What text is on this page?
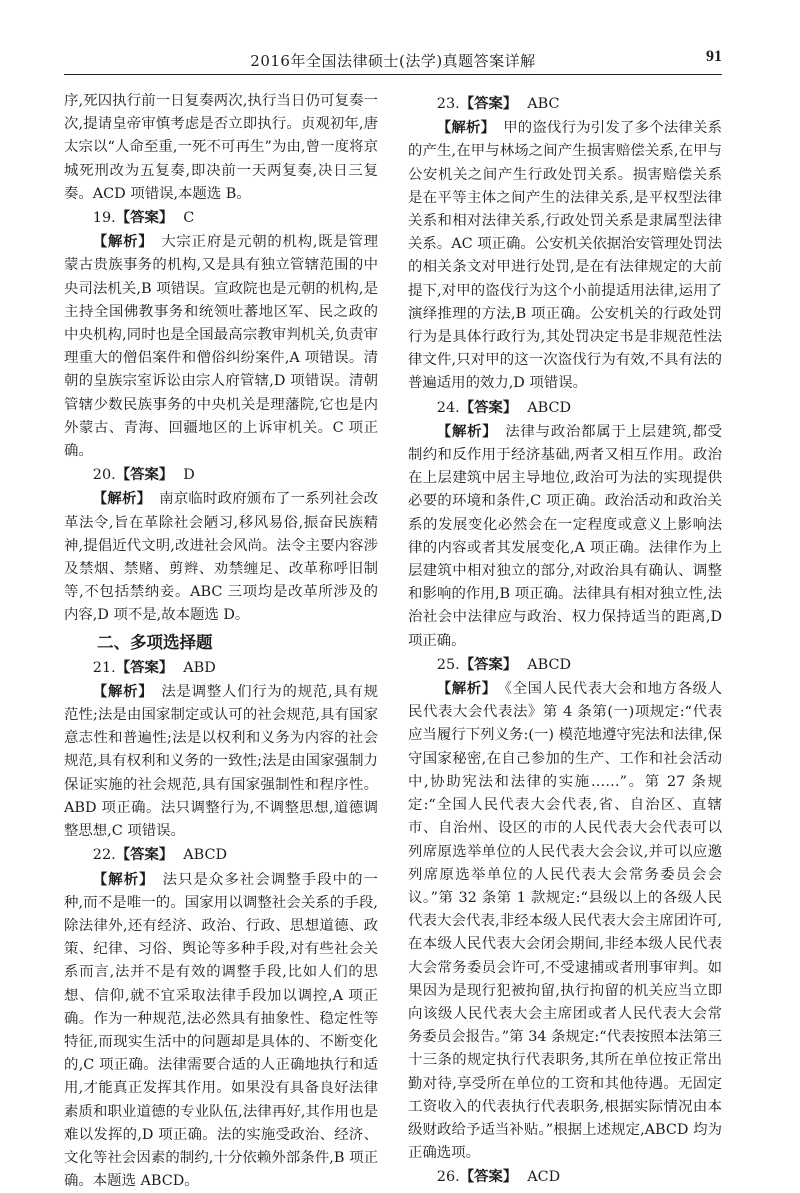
2016年全国法律硕士(法学)真题答案详解	91

序,死囚执行前一日复奏两次,执行当日仍可复奏一次,提请皇帝审慎考虑是否立即执行。贞观初年,唐太宗以“人命至重,一死不可再生”为由,曾一度将京城死刑改为五复奏,即决前一天两复奏,决日三复奏。ACD 项错误,本题选 B。

19.【答案】 C

【解析】 大宗正府是元朝的机构,既是管理蒙古贵族事务的机构,又是具有独立管辖范围的中央司法机关,B 项错误。宣政院也是元朝的机构,是主持全国佛教事务和统领吐蕃地区军、民之政的中央机构,同时也是全国最高宗教审判机关,负责审理重大的僧侣案件和僧俗纠纷案件,A 项错误。清朝的皇族宗室诉讼由宗人府管辖,D 项错误。清朝管辖少数民族事务的中央机关是理藩院,它也是内外蒙古、青海、回疆地区的上诉审机关。C 项正确。

20.【答案】 D

【解析】 南京临时政府颁布了一系列社会改革法令,旨在革除社会陋习,移风易俗,振奋民族精神,提倡近代文明,改进社会风尚。法令主要内容涉及禁烟、禁赌、剪辫、劝禁缠足、改革称呼旧制等,不包括禁纳妾。ABC 三项均是改革所涉及的内容,D 项不是,故本题选 D。

二、多项选择题

21.【答案】 ABD

【解析】 法是调整人们行为的规范,具有规范性;法是由国家制定或认可的社会规范,具有国家意志性和普遍性;法是以权利和义务为内容的社会规范,具有权利和义务的一致性;法是由国家强制力保证实施的社会规范,具有国家强制性和程序性。ABD 项正确。法只调整行为,不调整思想,道德调整思想,C 项错误。

22.【答案】 ABCD

【解析】 法只是众多社会调整手段中的一种,而不是唯一的。国家用以调整社会关系的手段,除法律外,还有经济、政治、行政、思想道德、政策、纪律、习俗、舆论等多种手段,对有些社会关系而言,法并不是有效的调整手段,比如人们的思想、信仰,就不宜采取法律手段加以调控,A 项正确。作为一种规范,法必然具有抽象性、稳定性等特征,而现实生活中的问题却是具体的、不断变化的,C 项正确。法律需要合适的人正确地执行和适用,才能真正发挥其作用。如果没有具备良好法律素质和职业道德的专业队伍,法律再好,其作用也是难以发挥的,D 项正确。法的实施受政治、经济、文化等社会因素的制约,十分依赖外部条件,B 项正确。本题选 ABCD。

23.【答案】 ABC

【解析】 甲的盗伐行为引发了多个法律关系的产生,在甲与林场之间产生损害赔偿关系,在甲与公安机关之间产生行政处罚关系。损害赔偿关系是在平等主体之间产生的法律关系,是平权型法律关系和相对法律关系,行政处罚关系是隶属型法律关系。AC 项正确。公安机关依据治安管理处罚法的相关条文对甲进行处罚,是在有法律规定的大前提下,对甲的盗伐行为这个小前提适用法律,运用了演绎推理的方法,B 项正确。公安机关的行政处罚行为是具体行政行为,其处罚决定书是非规范性法律文件,只对甲的这一次盗伐行为有效,不具有法的普遍适用的效力,D 项错误。

24.【答案】 ABCD

【解析】 法律与政治都属于上层建筑,都受制约和反作用于经济基础,两者又相互作用。政治在上层建筑中居主导地位,政治可为法的实现提供必要的环境和条件,C 项正确。政治活动和政治关系的发展变化必然会在一定程度或意义上影响法律的内容或者其发展变化,A 项正确。法律作为上层建筑中相对独立的部分,对政治具有确认、调整和影响的作用,B 项正确。法律具有相对独立性,法治社会中法律应与政治、权力保持适当的距离,D 项正确。

25.【答案】 ABCD

【解析】 《全国人民代表大会和地方各级人民代表大会代表法》第 4 条第(一)项规定:“代表应当履行下列义务:(一) 模范地遵守宪法和法律,保守国家秘密,在自己参加的生产、工作和社会活动中,协助宪法和法律的实施……”。第 27 条规定:“全国人民代表大会代表,省、自治区、直辖市、自治州、设区的市的人民代表大会代表可以列席原选举单位的人民代表大会会议,并可以应邀列席原选举单位的人民代表大会常务委员会会议。”第 32 条第 1 款规定:“县级以上的各级人民代表大会代表,非经本级人民代表大会主席团许可,在本级人民代表大会闭会期间,非经本级人民代表大会常务委员会许可,不受逮捕或者刑事审判。如果因为是现行犯被拘留,执行拘留的机关应当立即向该级人民代表大会主席团或者人民代表大会常务委员会报告。”第 34 条规定:“代表按照本法第三十三条的规定执行代表职务,其所在单位按正常出勤对待,享受所在单位的工资和其他待遇。无固定工资收入的代表执行代表职务,根据实际情况由本级财政给予适当补贴。”根据上述规定,ABCD 均为正确选项。

26.【答案】 ACD
